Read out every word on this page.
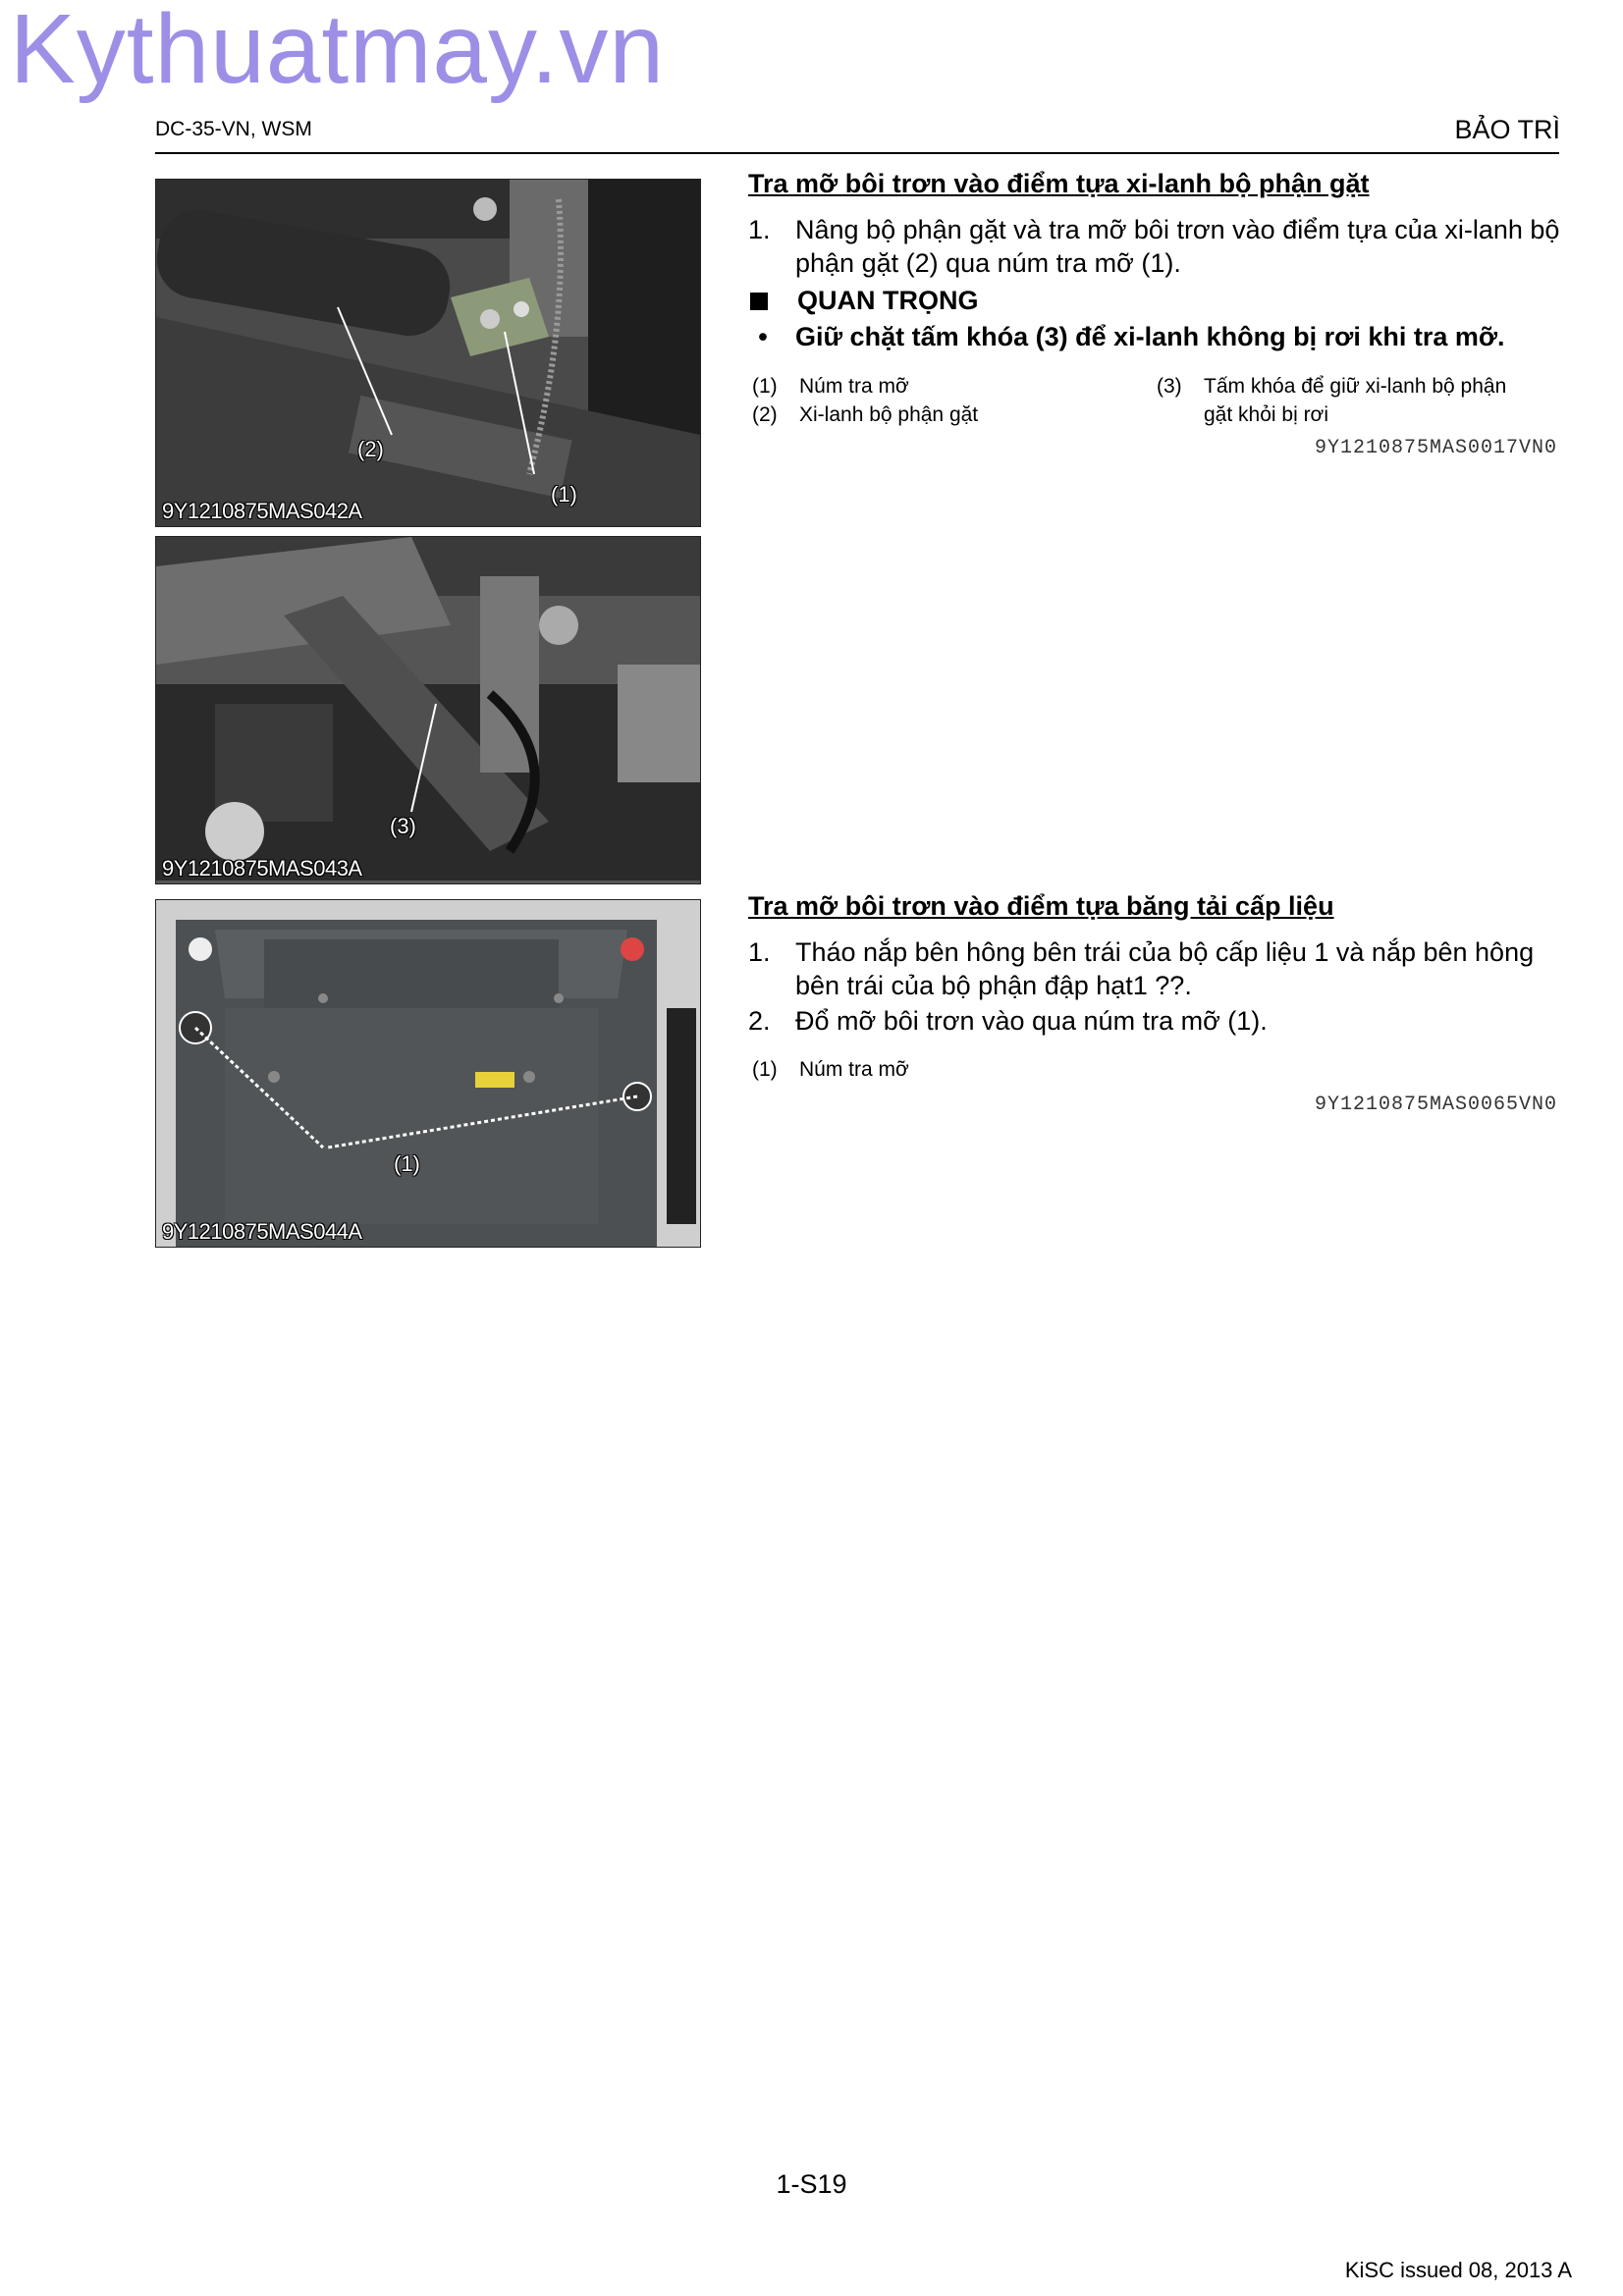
Kythuatmay.vn
DC-35-VN, WSM	BẢO TRÌ
(2)
(1)
9Y1210875MAS042A
(3)
9Y1210875MAS043A
(1)
9Y1210875MAS044A
Tra mỡ bôi trơn vào điểm tựa xi-lanh bộ phận gặt
1. Nâng bộ phận gặt và tra mỡ bôi trơn vào điểm tựa của xi-lanh bộ phận gặt (2) qua núm tra mỡ (1).
QUAN TRỌNG
•	Giữ chặt tấm khóa (3) để xi-lanh không bị rơi khi tra mỡ.
(1)	Núm tra mỡ
(2)	Xi-lanh bộ phận gặt
(3)	Tấm khóa để giữ xi-lanh bộ phận gặt khỏi bị rơi
9Y1210875MAS0017VN0
Tra mỡ bôi trơn vào điểm tựa băng tải cấp liệu
1. Tháo nắp bên hông bên trái của bộ cấp liệu 1 và nắp bên hông bên trái của bộ phận đập hạt1 ??.
2. Đổ mỡ bôi trơn vào qua núm tra mỡ (1).
(1)	Núm tra mỡ
9Y1210875MAS0065VN0
1-S19
KiSC issued 08, 2013 A
